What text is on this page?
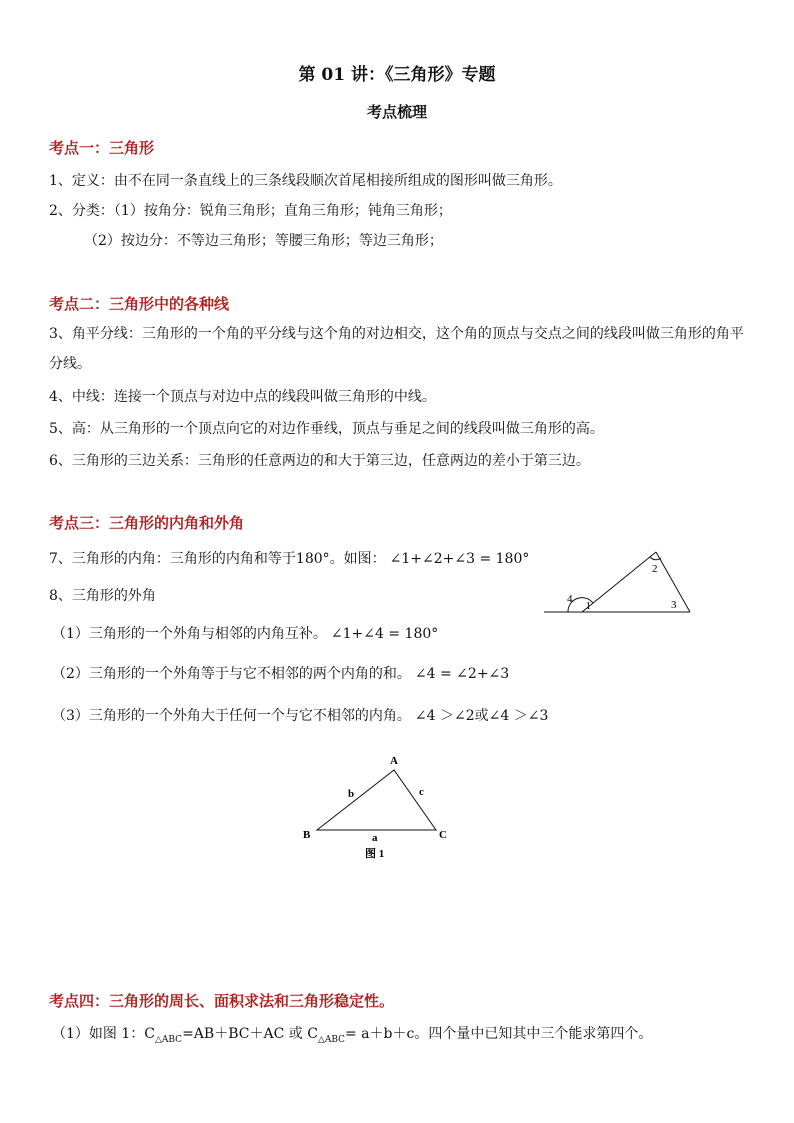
第 01 讲：《三角形》专题
考点梳理
考点一：三角形
1、定义：由不在同一条直线上的三条线段顺次首尾相接所组成的图形叫做三角形。
2、分类：（1）按角分：锐角三角形；直角三角形；钝角三角形；
（2）按边分：不等边三角形；等腰三角形；等边三角形；
考点二：三角形中的各种线
3、角平分线：三角形的一个角的平分线与这个角的对边相交，这个角的顶点与交点之间的线段叫做三角形的角平分线。
4、中线：连接一个顶点与对边中点的线段叫做三角形的中线。
5、高：从三角形的一个顶点向它的对边作垂线，顶点与垂足之间的线段叫做三角形的高。
6、三角形的三边关系：三角形的任意两边的和大于第三边，任意两边的差小于第三边。
考点三：三角形的内角和外角
7、三角形的内角：三角形的内角和等于180°。如图： ∠1+∠2+∠3 = 180°
8、三角形的外角
（1）三角形的一个外角与相邻的内角互补。 ∠1+∠4 = 180°
（2）三角形的一个外角等于与它不相邻的两个内角的和。 ∠4 = ∠2+∠3
（3）三角形的一个外角大于任何一个与它不相邻的内角。 ∠4 ＞∠2或∠4 ＞∠3
4
1
2
3
A
B	C
a
b	c
图 1
考点四：三角形的周长、面积求法和三角形稳定性。
（1）如图 1：$C_{\triangle ABC}=AB+BC+AC$ 或 $C_{\triangle ABC}= a+b+c$。四个量中已知其中三个能求第四个。
